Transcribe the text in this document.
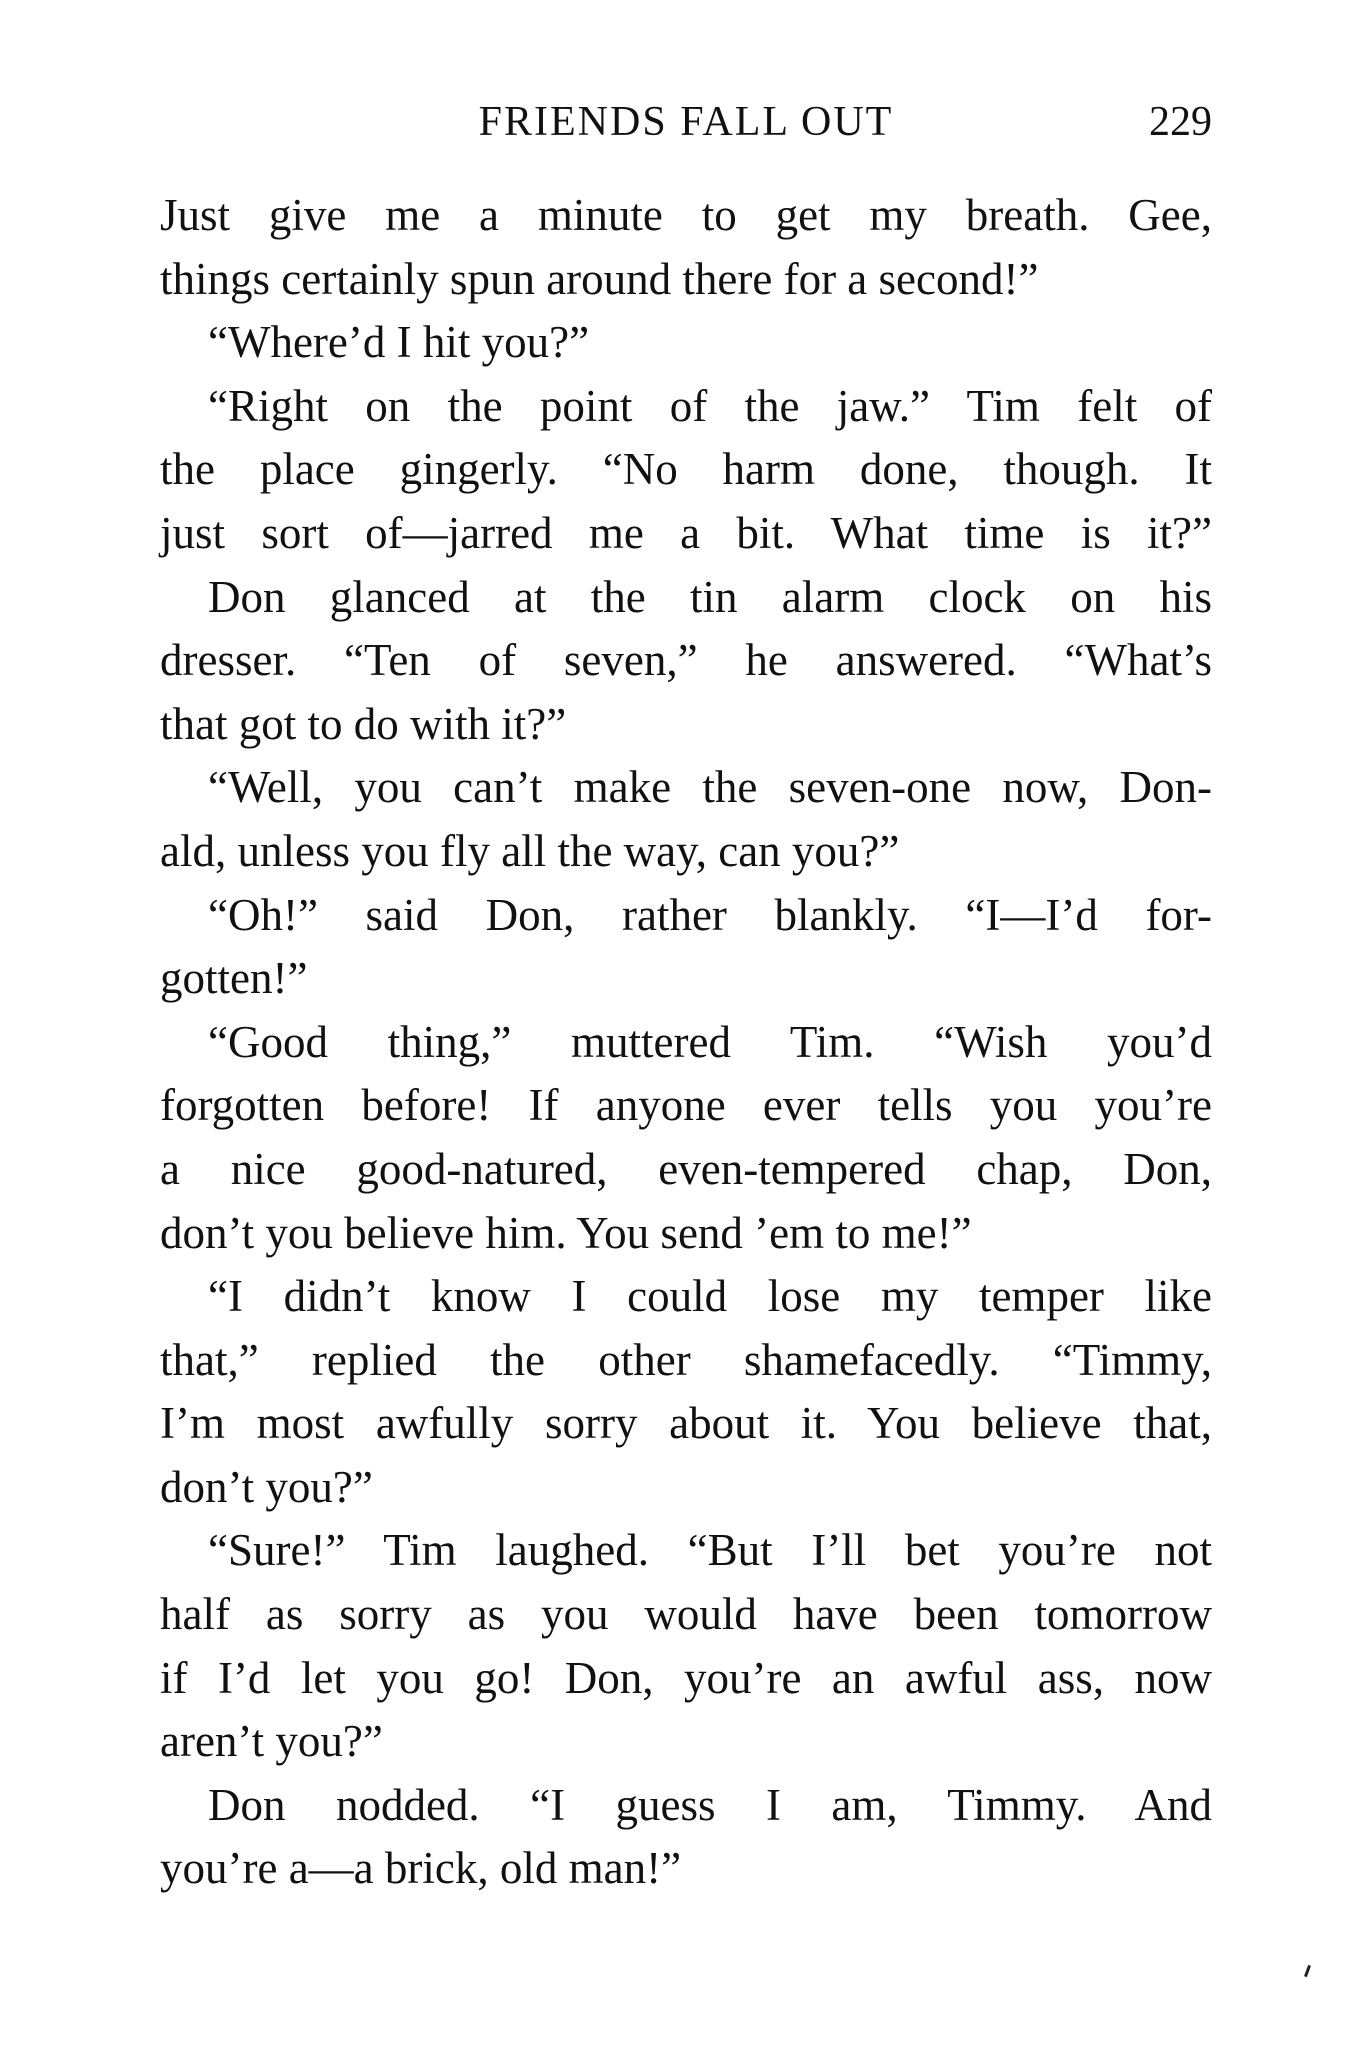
FRIENDS FALL OUT	229
Just give me a minute to get my breath. Gee,
things certainly spun around there for a second!”
“Where’d I hit you?”
“Right on the point of the jaw.” Tim felt of
the place gingerly. “No harm done, though. It
just sort of—jarred me a bit. What time is it?”
Don glanced at the tin alarm clock on his
dresser. “Ten of seven,” he answered. “What’s
that got to do with it?”
“Well, you can’t make the seven-one now, Don-
ald, unless you fly all the way, can you?”
“Oh!” said Don, rather blankly. “I—I’d for-
gotten!”
“Good thing,” muttered Tim. “Wish you’d
forgotten before! If anyone ever tells you you’re
a nice good-natured, even-tempered chap, Don,
don’t you believe him. You send ’em to me!”
“I didn’t know I could lose my temper like
that,” replied the other shamefacedly. “Timmy,
I’m most awfully sorry about it. You believe that,
don’t you?”
“Sure!” Tim laughed. “But I’ll bet you’re not
half as sorry as you would have been tomorrow
if I’d let you go! Don, you’re an awful ass, now
aren’t you?”
Don nodded. “I guess I am, Timmy. And
you’re a—a brick, old man!”
